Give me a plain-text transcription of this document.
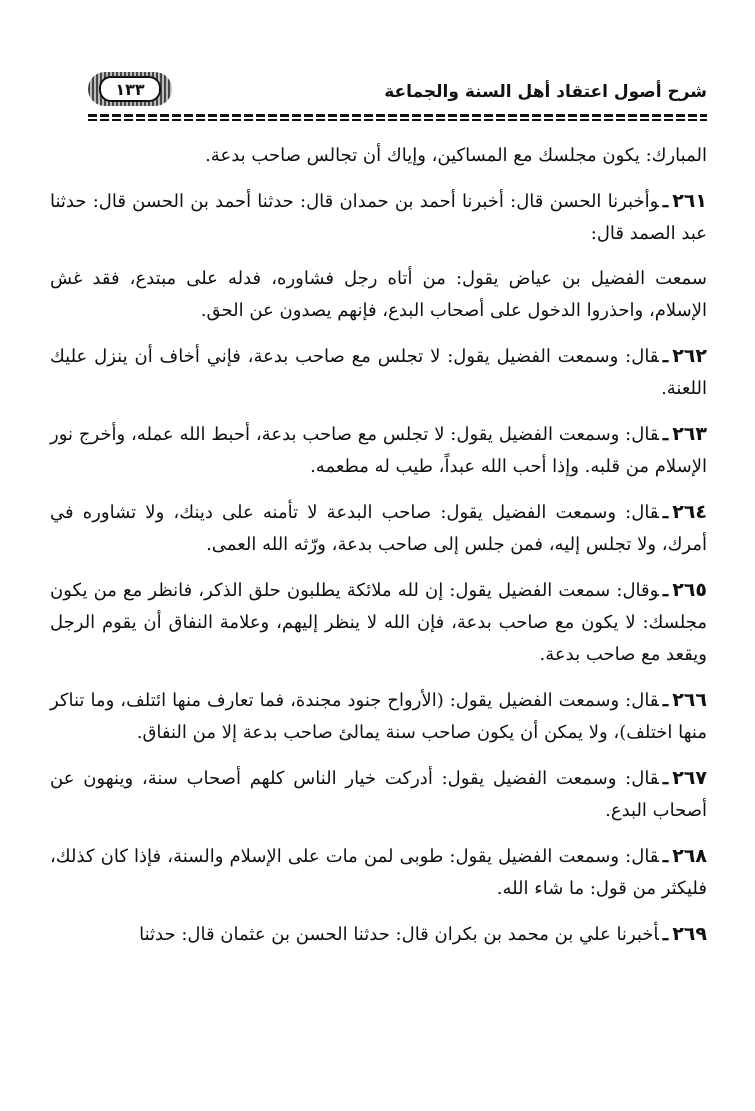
شرح أصول اعتقاد أهل السنة والجماعة
١٣٣

المبارك: يكون مجلسك مع المساكين، وإياك أن تجالس صاحب بدعة.

٢٦١ـوأخبرنا الحسن قال: أخبرنا أحمد بن حمدان قال: حدثنا أحمد بن الحسن قال: حدثنا عبد الصمد قال:

سمعت الفضيل بن عياض يقول: من أتاه رجل فشاوره، فدله على مبتدع، فقد غش الإسلام، واحذروا الدخول على أصحاب البدع، فإنهم يصدون عن الحق.

٢٦٢ـقال: وسمعت الفضيل يقول: لا تجلس مع صاحب بدعة، فإني أخاف أن ينزل عليك اللعنة.

٢٦٣ـقال: وسمعت الفضيل يقول: لا تجلس مع صاحب بدعة، أحبط الله عمله، وأخرج نور الإسلام من قلبه. وإذا أحب الله عبداً، طيب له مطعمه.

٢٦٤ـقال: وسمعت الفضيل يقول: صاحب البدعة لا تأمنه على دينك، ولا تشاوره في أمرك، ولا تجلس إليه، فمن جلس إلى صاحب بدعة، ورّثه الله العمى.

٢٦٥ـوقال: سمعت الفضيل يقول: إن لله ملائكة يطلبون حلق الذكر، فانظر مع من يكون مجلسك: لا يكون مع صاحب بدعة، فإن الله لا ينظر إليهم، وعلامة النفاق أن يقوم الرجل ويقعد مع صاحب بدعة.

٢٦٦ـقال: وسمعت الفضيل يقول: (الأرواح جنود مجندة، فما تعارف منها ائتلف، وما تناكر منها اختلف)، ولا يمكن أن يكون صاحب سنة يمالئ صاحب بدعة إلا من النفاق.

٢٦٧ـقال: وسمعت الفضيل يقول: أدركت خيار الناس كلهم أصحاب سنة، وينهون عن أصحاب البدع.

٢٦٨ـقال: وسمعت الفضيل يقول: طوبى لمن مات على الإسلام والسنة، فإذا كان كذلك، فليكثر من قول: ما شاء الله.

٢٦٩ـأخبرنا علي بن محمد بن بكران قال: حدثنا الحسن بن عثمان قال: حدثنا
